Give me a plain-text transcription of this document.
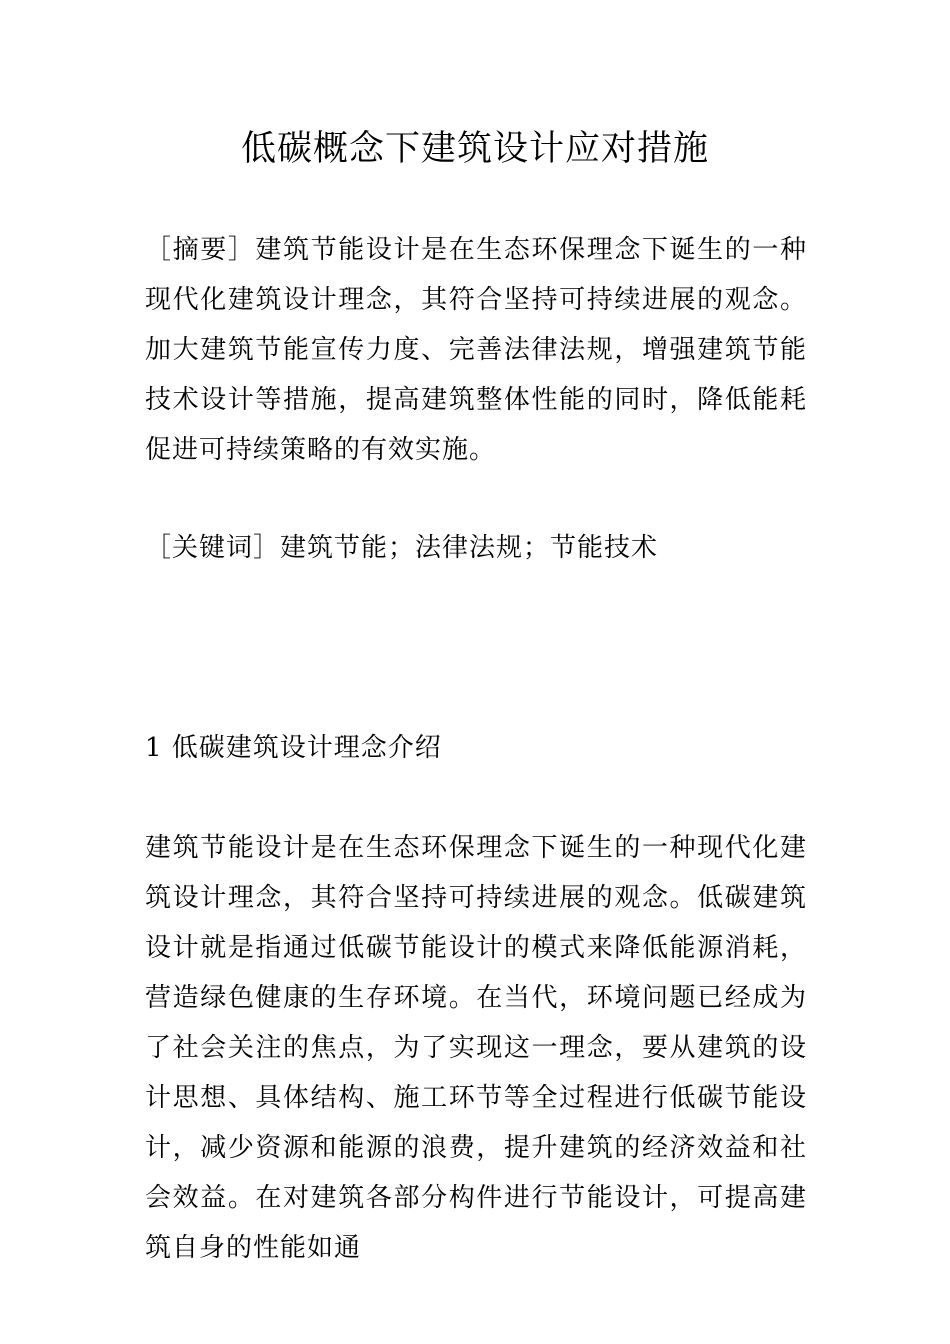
低碳概念下建筑设计应对措施

［摘要］建筑节能设计是在生态环保理念下诞生的一种现代化建筑设计理念，其符合坚持可持续进展的观念。加大建筑节能宣传力度、完善法律法规，增强建筑节能技术设计等措施，提高建筑整体性能的同时，降低能耗促进可持续策略的有效实施。

［关键词］建筑节能；法律法规；节能技术

1 低碳建筑设计理念介绍

建筑节能设计是在生态环保理念下诞生的一种现代化建筑设计理念，其符合坚持可持续进展的观念。低碳建筑设计就是指通过低碳节能设计的模式来降低能源消耗，营造绿色健康的生存环境。在当代，环境问题已经成为了社会关注的焦点，为了实现这一理念，要从建筑的设计思想、具体结构、施工环节等全过程进行低碳节能设计，减少资源和能源的浪费，提升建筑的经济效益和社会效益。在对建筑各部分构件进行节能设计，可提高建筑自身的性能如通
